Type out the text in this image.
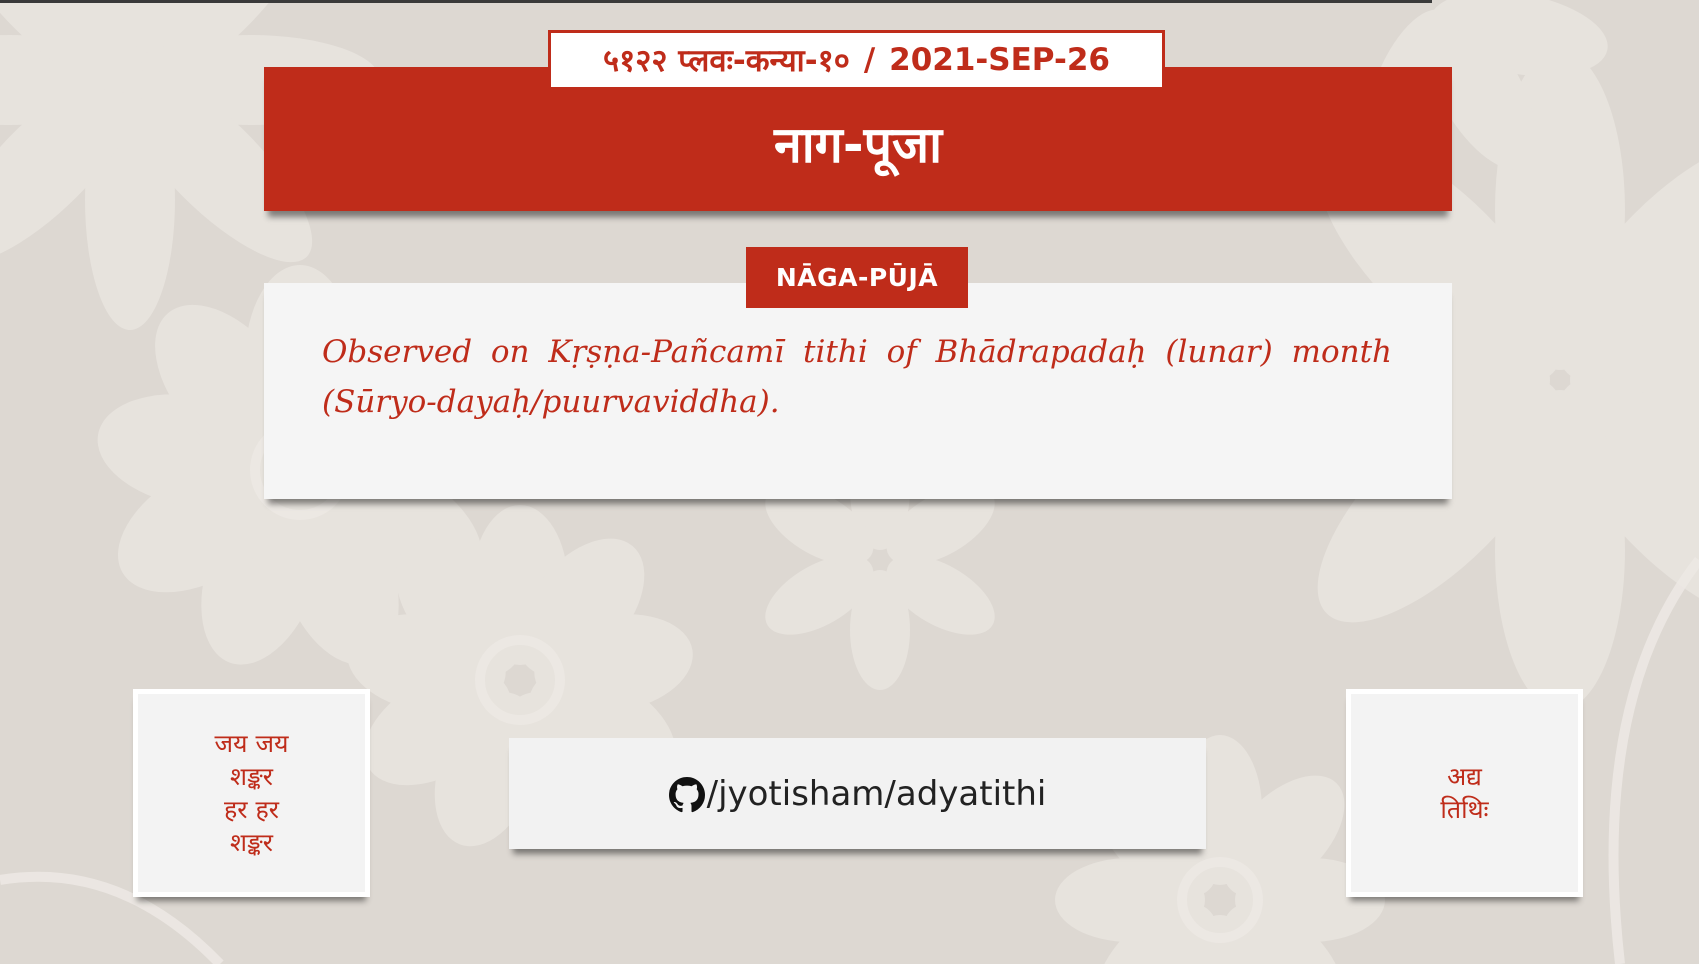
नाग-पूजा
५१२२ प्लवः-कन्या-१० / 2021-SEP-26

Observed on Kṛṣṇa-Pañcamī tithi of Bhādrapadaḥ (lunar) month (Sūryo-dayaḥ/puurvaviddha).

NĀGA-PŪJĀ
जय जय
शङ्कर
हर हर
शङ्कर
/jyotisham/adyatithi	अद्य
तिथिः
